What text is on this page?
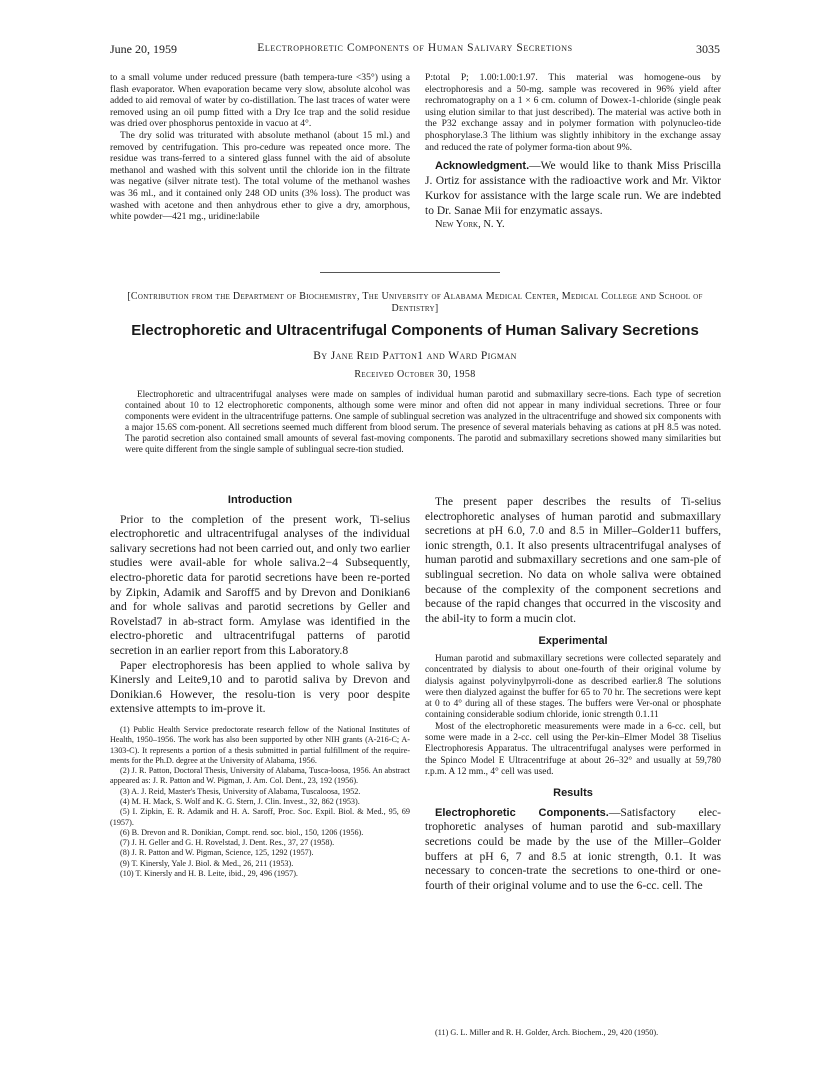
June 20, 1959	Electrophoretic Components of Human Salivary Secretions	3035

to a small volume under reduced pressure (bath tempera-ture <35°) using a flash evaporator. When evaporation became very slow, absolute alcohol was added to aid removal of water by co-distillation. The last traces of water were removed using an oil pump fitted with a Dry Ice trap and the solid residue was dried over phosphorus pentoxide in vacuo at 4°.

The dry solid was triturated with absolute methanol (about 15 ml.) and removed by centrifugation. This pro-cedure was repeated once more. The residue was trans-ferred to a sintered glass funnel with the aid of absolute methanol and washed with this solvent until the chloride ion in the filtrate was negative (silver nitrate test). The total volume of the methanol washes was 36 ml., and it contained only 248 OD units (3% loss). The product was washed with acetone and then anhydrous ether to give a dry, amorphous, white powder—421 mg., uridine:labile

P:total P; 1.00:1.00:1.97. This material was homogene-ous by electrophoresis and a 50-mg. sample was recovered in 96% yield after rechromatography on a 1 × 6 cm. column of Dowex-1-chloride (single peak using elution similar to that just described). The material was active both in the P32 exchange assay and in polymer formation with polynucleo-tide phosphorylase.3 The lithium was slightly inhibitory in the exchange assay and reduced the rate of polymer forma-tion about 9%.

Acknowledgment.—We would like to thank Miss Priscilla J. Ortiz for assistance with the radioactive work and Mr. Viktor Kurkov for assistance with the large scale run. We are indebted to Dr. Sanae Mii for enzymatic assays.

New York, N. Y.

[Contribution from the Department of Biochemistry, The University of Alabama Medical Center, Medical College and School of Dentistry]
Electrophoretic and Ultracentrifugal Components of Human Salivary Secretions
By Jane Reid Patton1 and Ward Pigman
Received October 30, 1958

Electrophoretic and ultracentrifugal analyses were made on samples of individual human parotid and submaxillary secre-tions. Each type of secretion contained about 10 to 12 electrophoretic components, although some were minor and often did not appear in many individual secretions. Three or four components were evident in the ultracentrifuge patterns. One sample of sublingual secretion was analyzed in the ultracentrifuge and showed six components with a major 15.6S com-ponent. All secretions seemed much different from blood serum. The presence of several materials behaving as cations at pH 8.5 was noted. The parotid secretion also contained small amounts of several fast-moving components. The parotid and submaxillary secretions showed many similarities but were quite different from the single sample of sublingual secre-tion studied.

Introduction

Prior to the completion of the present work, Ti-selius electrophoretic and ultracentrifugal analyses of the individual salivary secretions had not been carried out, and only two earlier studies were avail-able for whole saliva.2−4 Subsequently, electro-phoretic data for parotid secretions have been re-ported by Zipkin, Adamik and Saroff5 and by Drevon and Donikian6 and for whole salivas and parotid secretions by Geller and Rovelstad7 in ab-stract form. Amylase was identified in the electro-phoretic and ultracentrifugal patterns of parotid secretion in an earlier report from this Laboratory.8

Paper electrophoresis has been applied to whole saliva by Kinersly and Leite9,10 and to parotid saliva by Drevon and Donikian.6 However, the resolu-tion is very poor despite extensive attempts to im-prove it.

(1) Public Health Service predoctorate research fellow of the National Institutes of Health, 1950–1956. The work has also been supported by other NIH grants (A-216-C; A-1303-C). It represents a portion of a thesis submitted in partial fulfillment of the require-ments for the Ph.D. degree at the University of Alabama, 1956.

(2) J. R. Patton, Doctoral Thesis, University of Alabama, Tusca-loosa, 1956. An abstract appeared as: J. R. Patton and W. Pigman, J. Am. Col. Dent., 23, 192 (1956).

(3) A. J. Reid, Master's Thesis, University of Alabama, Tuscaloosa, 1952.

(4) M. H. Mack, S. Wolf and K. G. Stern, J. Clin. Invest., 32, 862 (1953).

(5) I. Zipkin, E. R. Adamik and H. A. Saroff, Proc. Soc. Expil. Biol. & Med., 95, 69 (1957).

(6) B. Drevon and R. Donikian, Compt. rend. soc. biol., 150, 1206 (1956).

(7) J. H. Geller and G. H. Rovelstad, J. Dent. Res., 37, 27 (1958).

(8) J. R. Patton and W. Pigman, Science, 125, 1292 (1957).

(9) T. Kinersly, Yale J. Biol. & Med., 26, 211 (1953).

(10) T. Kinersly and H. B. Leite, ibid., 29, 496 (1957).

The present paper describes the results of Ti-selius electrophoretic analyses of human parotid and submaxillary secretions at pH 6.0, 7.0 and 8.5 in Miller–Golder11 buffers, ionic strength, 0.1. It also presents ultracentrifugal analyses of human parotid and submaxillary secretions and one sam-ple of sublingual secretion. No data on whole saliva were obtained because of the complexity of the component secretions and because of the rapid changes that occurred in the viscosity and the abil-ity to form a mucin clot.

Experimental

Human parotid and submaxillary secretions were collected separately and concentrated by dialysis to about one-fourth of their original volume by dialysis against polyvinylpyrroli-done as described earlier.8 The solutions were then dialyzed against the buffer for 65 to 70 hr. The secretions were kept at 0 to 4° during all of these stages. The buffers were Ver-onal or phosphate containing considerable sodium chloride, ionic strength 0.1.11

Most of the electrophoretic measurements were made in a 6-cc. cell, but some were made in a 2-cc. cell using the Per-kin–Elmer Model 38 Tiselius Electrophoresis Apparatus. The ultracentrifugal analyses were performed in the Spinco Model E Ultracentrifuge at about 26–32° and usually at 59,780 r.p.m. A 12 mm., 4° cell was used.

Results

Electrophoretic Components.—Satisfactory elec-trophoretic analyses of human parotid and sub-maxillary secretions could be made by the use of the Miller–Golder buffers at pH 6, 7 and 8.5 at ionic strength, 0.1. It was necessary to concen-trate the secretions to one-third or one-fourth of their original volume and to use the 6-cc. cell. The

(11) G. L. Miller and R. H. Golder, Arch. Biochem., 29, 420 (1950).
